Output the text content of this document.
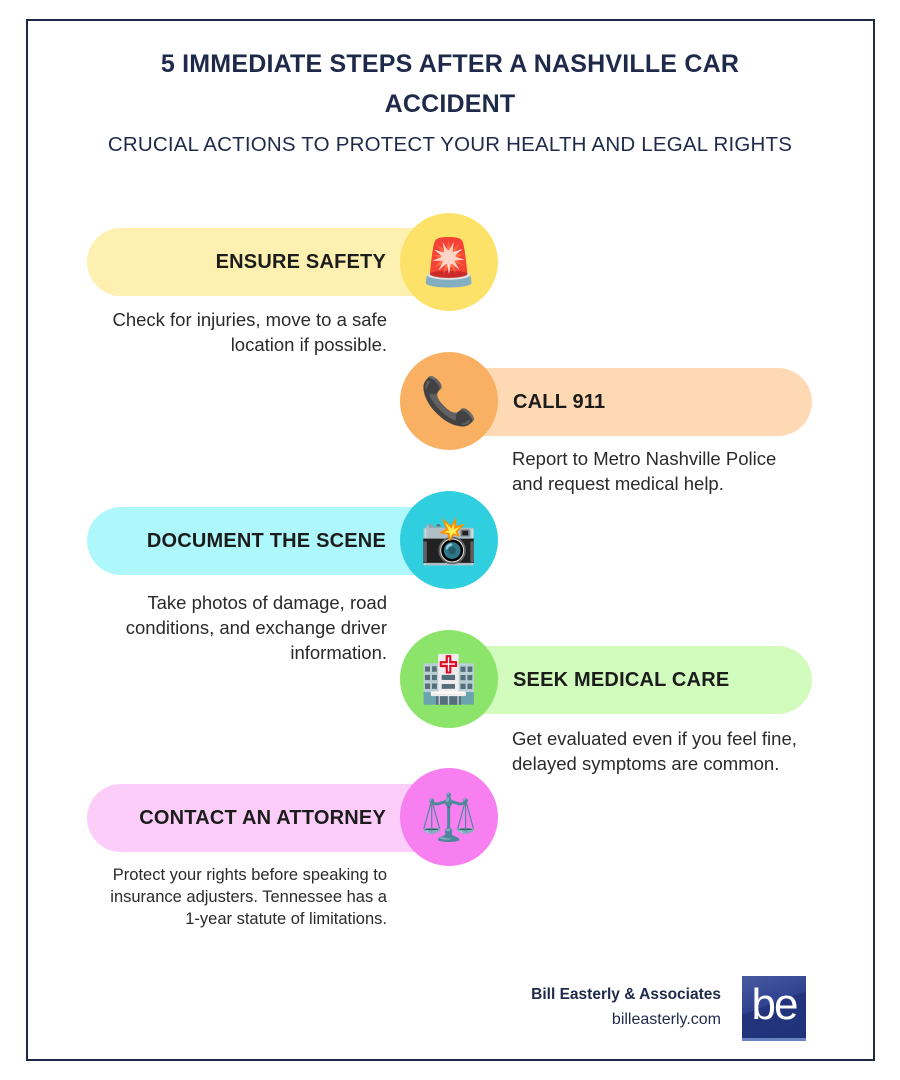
5 IMMEDIATE STEPS AFTER A NASHVILLE CAR
ACCIDENT
CRUCIAL ACTIONS TO PROTECT YOUR HEALTH AND LEGAL RIGHTS
ENSURE SAFETY 🚨
Check for injuries, move to a safe location if possible.
CALL 911
📞
Report to Metro Nashville Police and request medical help.
DOCUMENT THE SCENE 📸
Take photos of damage, road conditions, and exchange driver information.
SEEK MEDICAL CARE
🏥
Get evaluated even if you feel fine, delayed symptoms are common.
CONTACT AN ATTORNEY ⚖️
Protect your rights before speaking to insurance adjusters. Tennessee has a 1-year statute of limitations.
Bill Easterly & Associates
billeasterly.com be
